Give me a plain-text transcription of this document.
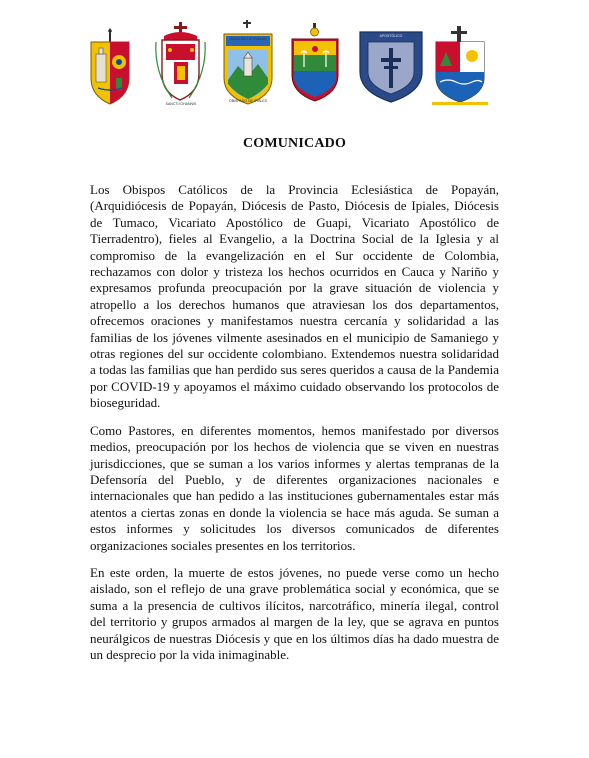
SANCTI IOHANNIS
DIÓCESIS DE IPIALES
OBISPADO DE IPIALES
APOSTÓLICO
COMUNICADO

Los Obispos Católicos de la Provincia Eclesiástica de Popayán, (Arquidiócesis de Popayán, Diócesis de Pasto, Diócesis de Ipiales, Diócesis de Tumaco, Vicariato Apostólico de Guapi, Vicariato Apostólico de Tierradentro), fieles al Evangelio, a la Doctrina Social de la Iglesia y al compromiso de la evangelización en el Sur occidente de Colombia, rechazamos con dolor y tristeza los hechos ocurridos en Cauca y Nariño y expresamos profunda preocupación por la grave situación de violencia y atropello a los derechos humanos que atraviesan los dos departamentos, ofrecemos oraciones y manifestamos nuestra cercanía y solidaridad a las familias de los jóvenes vilmente asesinados en el municipio de Samaniego y otras regiones del sur occidente colombiano. Extendemos nuestra solidaridad a todas las familias que han perdido sus seres queridos a causa de la Pandemia por COVID-19 y apoyamos el máximo cuidado observando los protocolos de bioseguridad.

Como Pastores, en diferentes momentos, hemos manifestado por diversos medios, preocupación por los hechos de violencia que se viven en nuestras jurisdicciones, que se suman a los varios informes y alertas tempranas de la Defensoría del Pueblo, y de diferentes organizaciones nacionales e internacionales que han pedido a las instituciones gubernamentales estar más atentos a ciertas zonas en donde la violencia se hace más aguda. Se suman a estos informes y solicitudes los diversos comunicados de diferentes organizaciones sociales presentes en los territorios.

En este orden, la muerte de estos jóvenes, no puede verse como un hecho aislado, son el reflejo de una grave problemática social y económica, que se suma a la presencia de cultivos ilícitos, narcotráfico, minería ilegal, control del territorio y grupos armados al margen de la ley, que se agrava en puntos neurálgicos de nuestras Diócesis y que en los últimos días ha dado muestra de un desprecio por la vida inimaginable.
